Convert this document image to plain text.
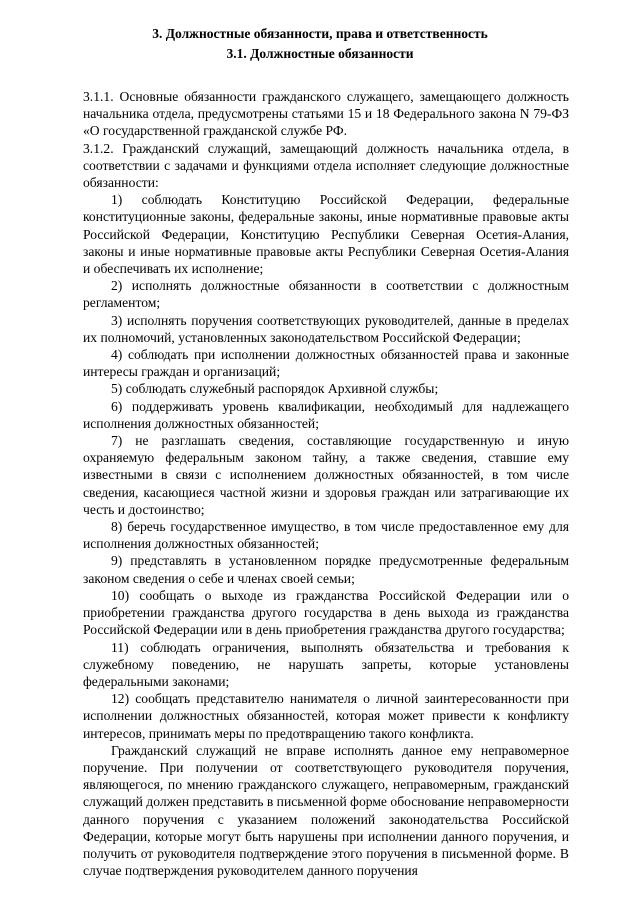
3. Должностные обязанности, права и ответственность
3.1. Должностные обязанности

3.1.1. Основные обязанности гражданского служащего, замещающего должность начальника отдела, предусмотрены статьями 15 и 18 Федерального закона N 79-ФЗ «О государственной гражданской службе РФ.

3.1.2. Гражданский служащий, замещающий должность начальника отдела, в соответствии с задачами и функциями отдела исполняет следующие должностные обязанности:

1) соблюдать Конституцию Российской Федерации, федеральные конституционные законы, федеральные законы, иные нормативные правовые акты Российской Федерации, Конституцию Республики Северная Осетия-Алания, законы и иные нормативные правовые акты Республики Северная Осетия-Алания и обеспечивать их исполнение;

2) исполнять должностные обязанности в соответствии с должностным регламентом;

3) исполнять поручения соответствующих руководителей, данные в пределах их полномочий, установленных законодательством Российской Федерации;

4) соблюдать при исполнении должностных обязанностей права и законные интересы граждан и организаций;

5) соблюдать служебный распорядок Архивной службы;

6) поддерживать уровень квалификации, необходимый для надлежащего исполнения должностных обязанностей;

7) не разглашать сведения, составляющие государственную и иную охраняемую федеральным законом тайну, а также сведения, ставшие ему известными в связи с исполнением должностных обязанностей, в том числе сведения, касающиеся частной жизни и здоровья граждан или затрагивающие их честь и достоинство;

8) беречь государственное имущество, в том числе предоставленное ему для исполнения должностных обязанностей;

9) представлять в установленном порядке предусмотренные федеральным законом сведения о себе и членах своей семьи;

10) сообщать о выходе из гражданства Российской Федерации или о приобретении гражданства другого государства в день выхода из гражданства Российской Федерации или в день приобретения гражданства другого государства;

11) соблюдать ограничения, выполнять обязательства и требования к служебному поведению, не нарушать запреты, которые установлены федеральными законами;

12) сообщать представителю нанимателя о личной заинтересованности при исполнении должностных обязанностей, которая может привести к конфликту интересов, принимать меры по предотвращению такого конфликта.

Гражданский служащий не вправе исполнять данное ему неправомерное поручение. При получении от соответствующего руководителя поручения, являющегося, по мнению гражданского служащего, неправомерным, гражданский служащий должен представить в письменной форме обоснование неправомерности данного поручения с указанием положений законодательства Российской Федерации, которые могут быть нарушены при исполнении данного поручения, и получить от руководителя подтверждение этого поручения в письменной форме. В случае подтверждения руководителем данного поручения
